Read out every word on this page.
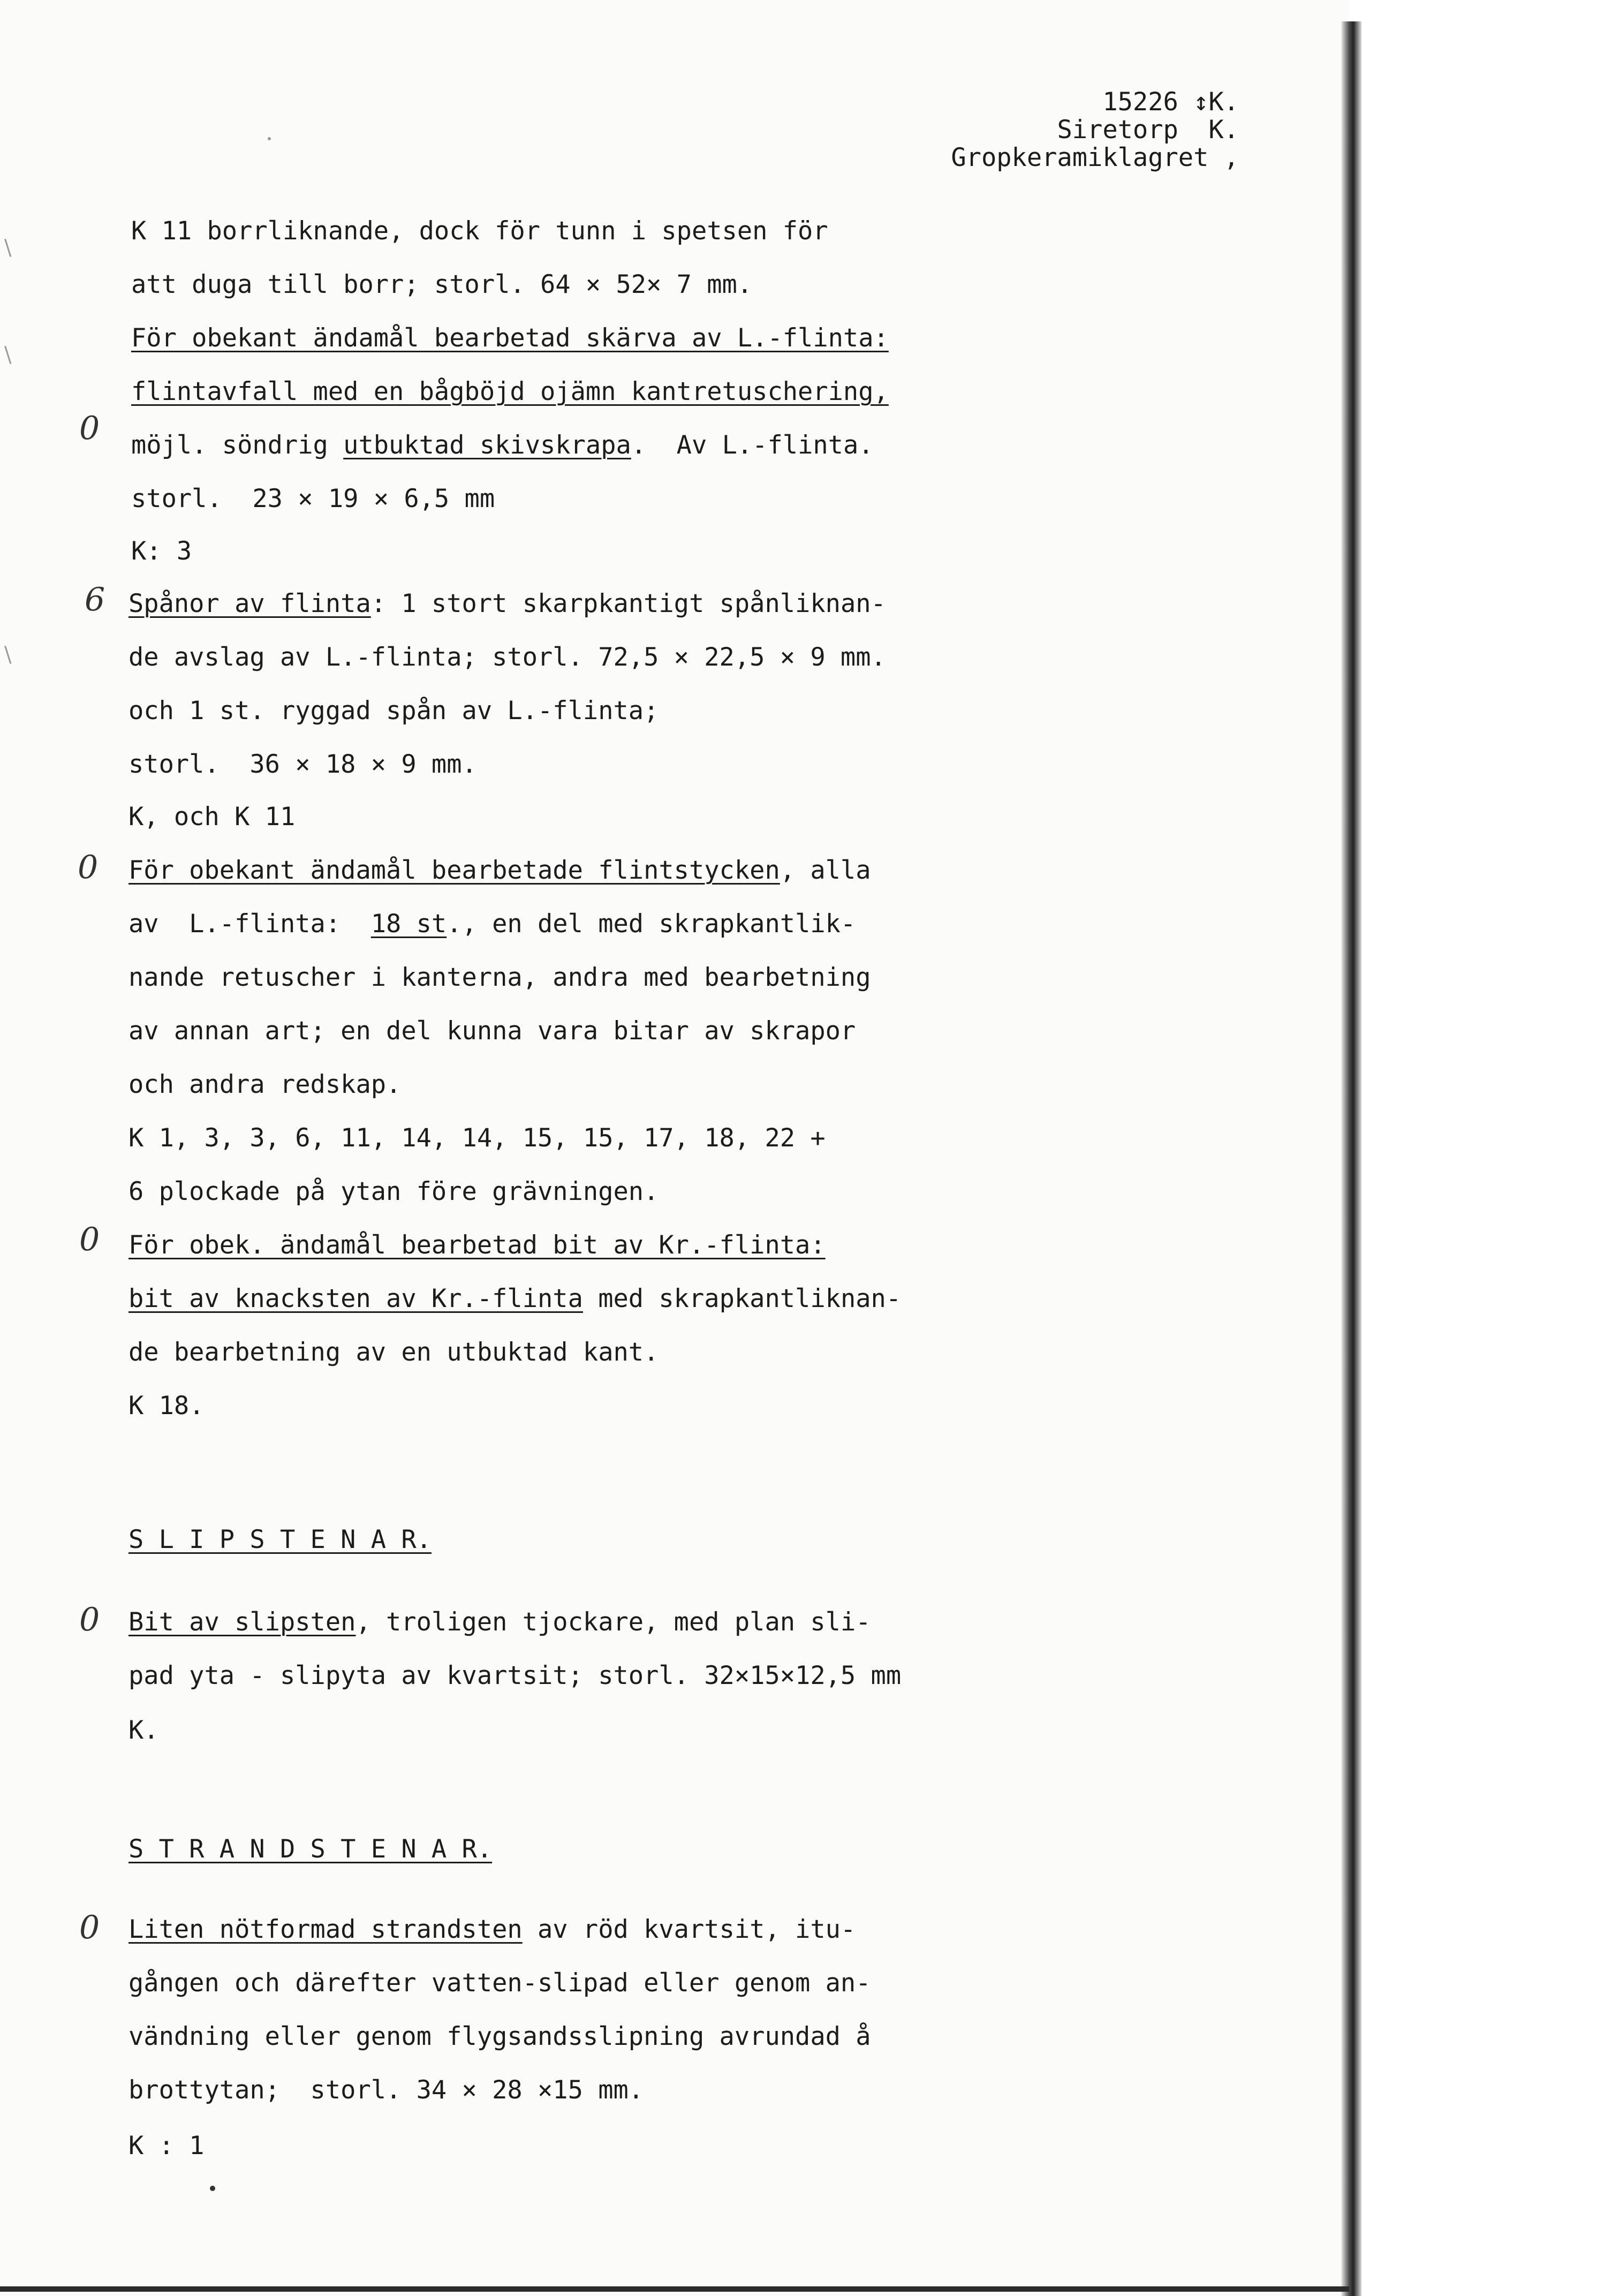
15226 ↕K.
Siretorp  K.
Gropkeramiklagret ,
\
\
\
0
6
0
0
0
0
K 11 borrliknande, dock för tunn i spetsen för
att duga till borr; storl. 64 × 52× 7 mm.
För obekant ändamål bearbetad skärva av L.-flinta:
flintavfall med en bågböjd ojämn kantretuschering,
möjl. söndrig utbuktad skivskrapa.  Av L.-flinta.
storl.  23 × 19 × 6,5 mm
K: 3
Spånor av flinta: 1 stort skarpkantigt spånliknan-
de avslag av L.-flinta; storl. 72,5 × 22,5 × 9 mm.
och 1 st. ryggad spån av L.-flinta;
storl.  36 × 18 × 9 mm.
K, och K 11
För obekant ändamål bearbetade flintstycken, alla
av  L.-flinta:  18 st., en del med skrapkantlik-
nande retuscher i kanterna, andra med bearbetning
av annan art; en del kunna vara bitar av skrapor
och andra redskap.
K 1, 3, 3, 6, 11, 14, 14, 15, 15, 17, 18, 22 +
6 plockade på ytan före grävningen.
För obek. ändamål bearbetad bit av Kr.-flinta:
bit av knacksten av Kr.-flinta med skrapkantliknan-
de bearbetning av en utbuktad kant.
K 18.
S L I P S T E N A R.
Bit av slipsten, troligen tjockare, med plan sli-
pad yta - slipyta av kvartsit; storl. 32×15×12,5 mm
K.
S T R A N D S T E N A R.
Liten nötformad strandsten av röd kvartsit, itu-
gången och därefter vatten-slipad eller genom an-
vändning eller genom flygsandsslipning avrundad å
brottytan;  storl. 34 × 28 ×15 mm.
K : 1
